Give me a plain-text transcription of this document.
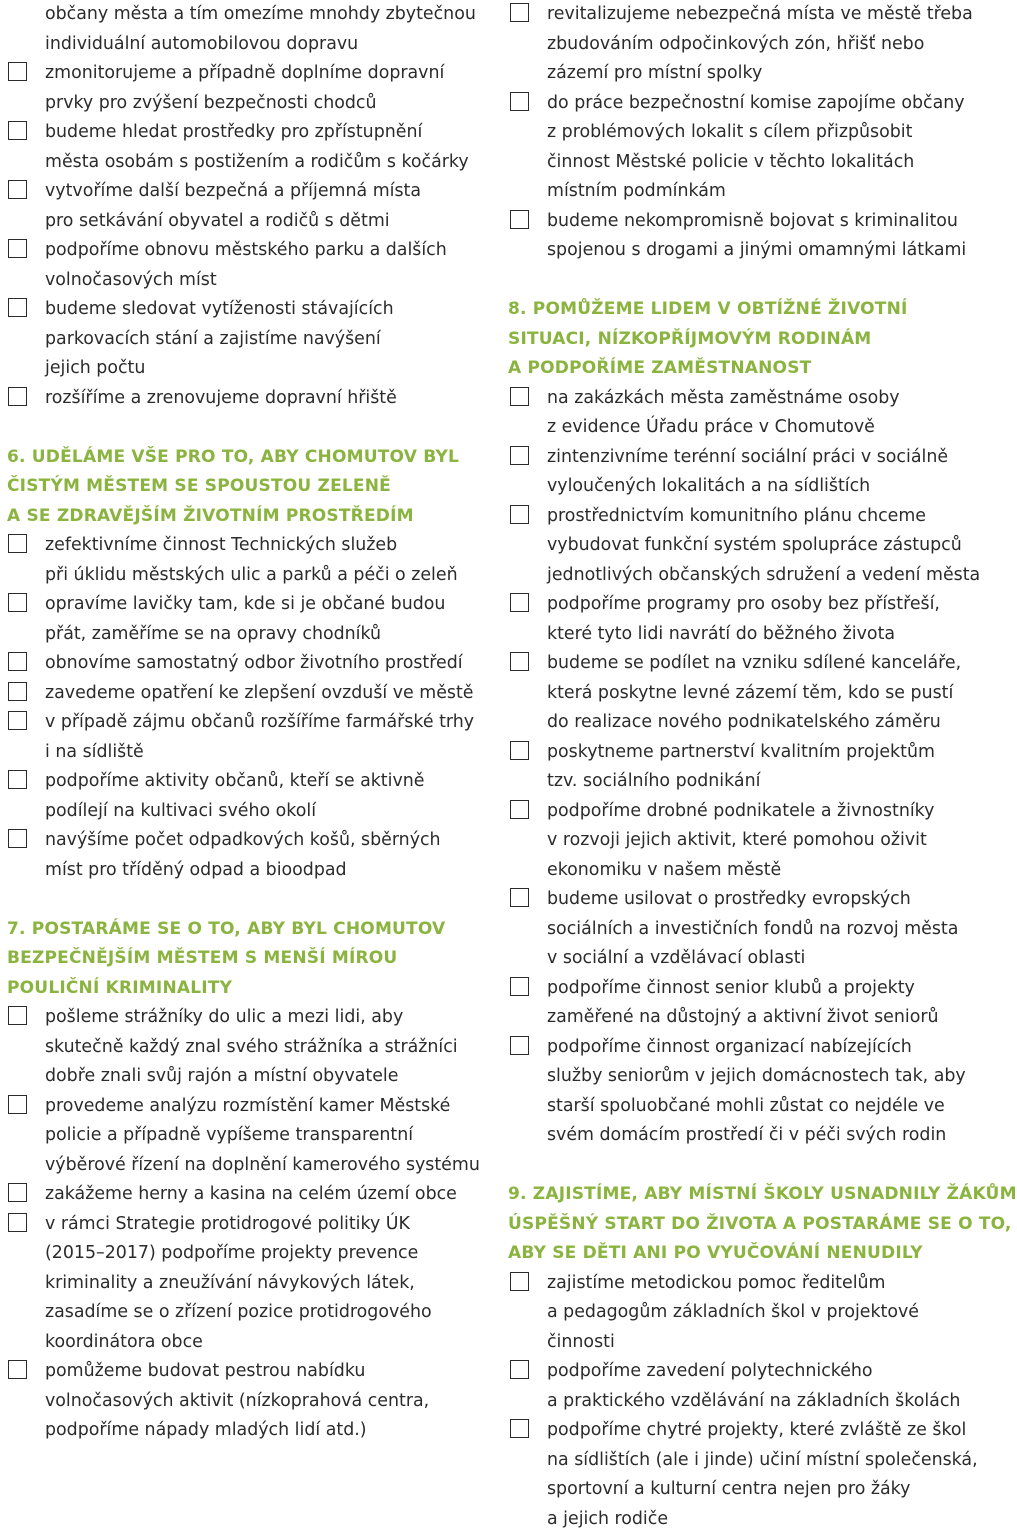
občany města a tím omezíme mnohdy zbytečnou
individuální automobilovou dopravu
zmonitorujeme a případně doplníme dopravní
prvky pro zvýšení bezpečnosti chodců
budeme hledat prostředky pro zpřístupnění
města osobám s postižením a rodičům s kočárky
vytvoříme další bezpečná a příjemná místa
pro setkávání obyvatel a rodičů s dětmi
podpoříme obnovu městského parku a dalších
volnočasových míst
budeme sledovat vytíženosti stávajících
parkovacích stání a zajistíme navýšení
jejich počtu
rozšíříme a zrenovujeme dopravní hřiště
6. UDĚLÁME VŠE PRO TO, ABY CHOMUTOV BYL
ČISTÝM MĚSTEM SE SPOUSTOU ZELENĚ
A SE ZDRAVĚJŠÍM ŽIVOTNÍM PROSTŘEDÍM
zefektivníme činnost Technických služeb
při úklidu městských ulic a parků a péči o zeleň
opravíme lavičky tam, kde si je občané budou
přát, zaměříme se na opravy chodníků
obnovíme samostatný odbor životního prostředí
zavedeme opatření ke zlepšení ovzduší ve městě
v případě zájmu občanů rozšíříme farmářské trhy
i na sídliště
podpoříme aktivity občanů, kteří se aktivně
podílejí na kultivaci svého okolí
navýšíme počet odpadkových košů, sběrných
míst pro tříděný odpad a bioodpad
7. POSTARÁME SE O TO, ABY BYL CHOMUTOV
BEZPEČNĚJŠÍM MĚSTEM S MENŠÍ MÍROU
POULIČNÍ KRIMINALITY
pošleme strážníky do ulic a mezi lidi, aby
skutečně každý znal svého strážníka a strážníci
dobře znali svůj rajón a místní obyvatele
provedeme analýzu rozmístění kamer Městské
policie a případně vypíšeme transparentní
výběrové řízení na doplnění kamerového systému
zakážeme herny a kasina na celém území obce
v rámci Strategie protidrogové politiky ÚK
(2015–2017) podpoříme projekty prevence
kriminality a zneužívání návykových látek,
zasadíme se o zřízení pozice protidrogového
koordinátora obce
pomůžeme budovat pestrou nabídku
volnočasových aktivit (nízkoprahová centra,
podpoříme nápady mladých lidí atd.)
revitalizujeme nebezpečná místa ve městě třeba
zbudováním odpočinkových zón, hřišť nebo
zázemí pro místní spolky
do práce bezpečnostní komise zapojíme občany
z problémových lokalit s cílem přizpůsobit
činnost Městské policie v těchto lokalitách
místním podmínkám
budeme nekompromisně bojovat s kriminalitou
spojenou s drogami a jinými omamnými látkami
8. POMŮŽEME LIDEM V OBTÍŽNÉ ŽIVOTNÍ
SITUACI, NÍZKOPŘÍJMOVÝM RODINÁM
A PODPOŘÍME ZAMĚSTNANOST
na zakázkách města zaměstnáme osoby
z evidence Úřadu práce v Chomutově
zintenzivníme terénní sociální práci v sociálně
vyloučených lokalitách a na sídlištích
prostřednictvím komunitního plánu chceme
vybudovat funkční systém spolupráce zástupců
jednotlivých občanských sdružení a vedení města
podpoříme programy pro osoby bez přístřeší,
které tyto lidi navrátí do běžného života
budeme se podílet na vzniku sdílené kanceláře,
která poskytne levné zázemí těm, kdo se pustí
do realizace nového podnikatelského záměru
poskytneme partnerství kvalitním projektům
tzv. sociálního podnikání
podpoříme drobné podnikatele a živnostníky
v rozvoji jejich aktivit, které pomohou oživit
ekonomiku v našem městě
budeme usilovat o prostředky evropských
sociálních a investičních fondů na rozvoj města
v sociální a vzdělávací oblasti
podpoříme činnost senior klubů a projekty
zaměřené na důstojný a aktivní život seniorů
podpoříme činnost organizací nabízejících
služby seniorům v jejich domácnostech tak, aby
starší spoluobčané mohli zůstat co nejdéle ve
svém domácím prostředí či v péči svých rodin
9. ZAJISTÍME, ABY MÍSTNÍ ŠKOLY USNADNILY ŽÁKŮM
ÚSPĚŠNÝ START DO ŽIVOTA A POSTARÁME SE O TO,
ABY SE DĚTI ANI PO VYUČOVÁNÍ NENUDILY
zajistíme metodickou pomoc ředitelům
a pedagogům základních škol v projektové
činnosti
podpoříme zavedení polytechnického
a praktického vzdělávání na základních školách
podpoříme chytré projekty, které zvláště ze škol
na sídlištích (ale i jinde) učiní místní společenská,
sportovní a kulturní centra nejen pro žáky
a jejich rodiče
